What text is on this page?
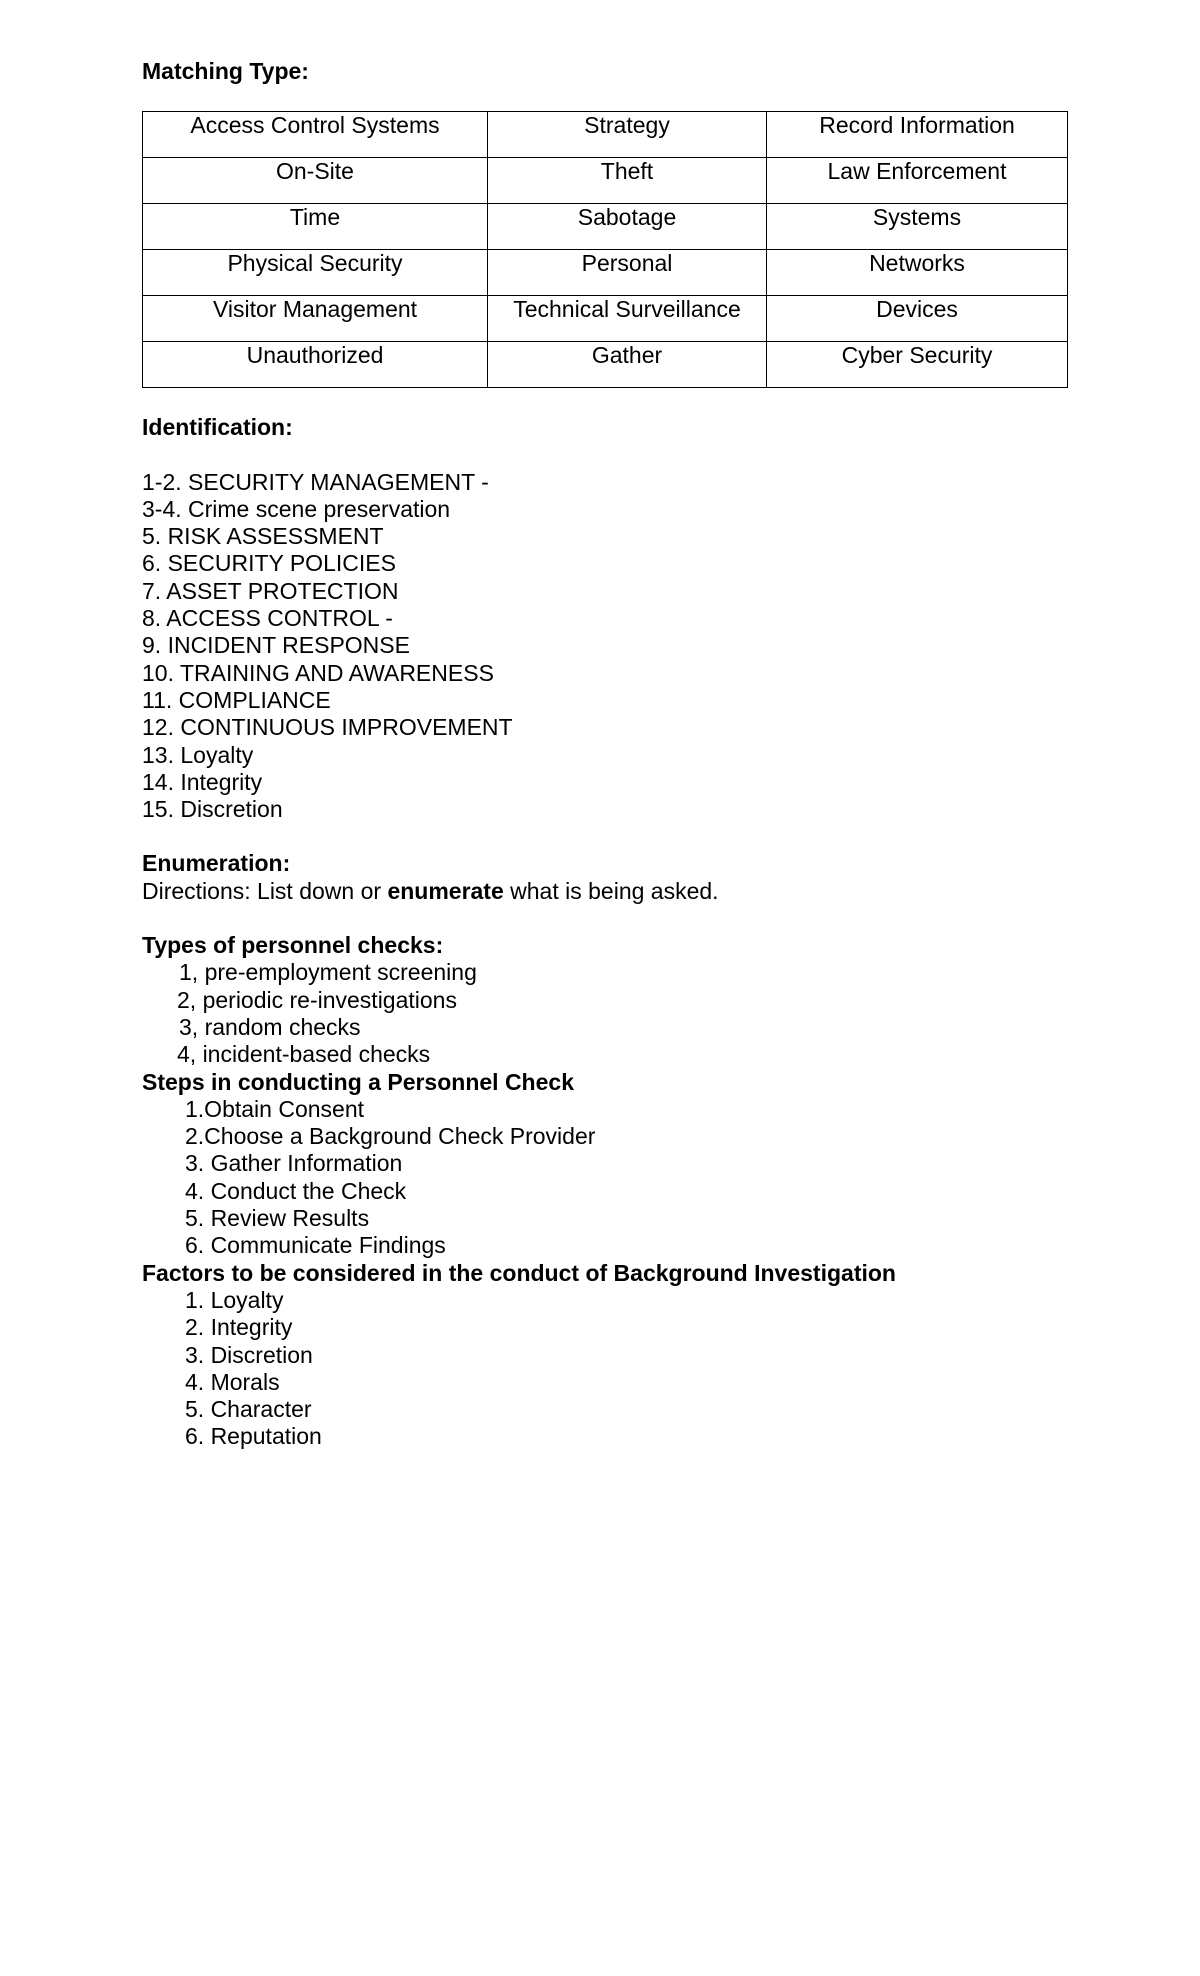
Matching Type:

Access Control Systems	Strategy	Record Information
On-Site	Theft	Law Enforcement
Time	Sabotage	Systems
Physical Security	Personal	Networks
Visitor Management	Technical Surveillance	Devices
Unauthorized	Gather	Cyber Security

Identification:

1-2. SECURITY MANAGEMENT -
3-4. Crime scene preservation
5. RISK ASSESSMENT
6. SECURITY POLICIES
7. ASSET PROTECTION
8. ACCESS CONTROL -
9. INCIDENT RESPONSE
10. TRAINING AND AWARENESS
11. COMPLIANCE
12. CONTINUOUS IMPROVEMENT
13. Loyalty
14. Integrity
15. Discretion

Enumeration:

Directions: List down or enumerate what is being asked.

Types of personnel checks:

1, pre-employment screening
2, periodic re-investigations
3, random checks
4, incident-based checks

Steps in conducting a Personnel Check

1.Obtain Consent
2.Choose a Background Check Provider
3. Gather Information
4. Conduct the Check
5. Review Results
6. Communicate Findings

Factors to be considered in the conduct of Background Investigation

1. Loyalty
2. Integrity
3. Discretion
4. Morals
5. Character
6. Reputation
